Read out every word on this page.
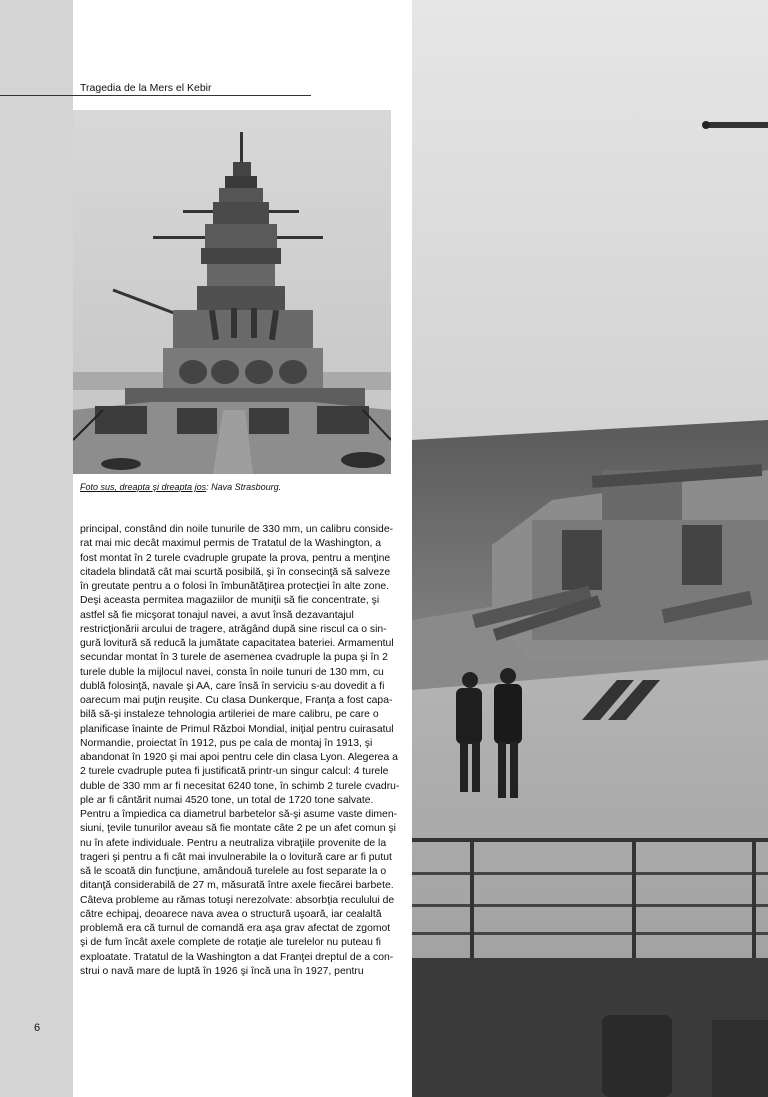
6
Tragedia de la Mers el Kebir
Foto sus, dreapta şi dreapta jos: Nava Strasbourg.
principal, constând din noile tunurile de 330 mm, un calibru conside-
rat mai mic decât maximul permis de Tratatul de la Washington, a
fost montat în 2 turele cvadruple grupate la prova, pentru a menţine
citadela blindată cât mai scurtă posibilă, şi în consecinţă să salveze
în greutate pentru a o folosi în îmbunătăţirea protecţiei în alte zone.
Deşi aceasta permitea magaziilor de muniţii să fie concentrate, şi
astfel să fie micşorat tonajul navei, a avut însă dezavantajul
restricţionării arcului de tragere, atrăgând după sine riscul ca o sin-
gură lovitură să reducă la jumătate capacitatea bateriei. Armamentul
secundar montat în 3 turele de asemenea cvadruple la pupa şi în 2
turele duble la mijlocul navei, consta în noile tunuri de 130 mm, cu
dublă folosinţă, navale şi AA, care însă în serviciu s-au dovedit a fi
oarecum mai puţin reuşite. Cu clasa Dunkerque, Franţa a fost capa-
bilă să-şi instaleze tehnologia artileriei de mare calibru, pe care o
planificase înainte de Primul Război Mondial, iniţial pentru cuirasatul
Normandie, proiectat în 1912, pus pe cala de montaj în 1913, şi
abandonat în 1920 şi mai apoi pentru cele din clasa Lyon. Alegerea a
2 turele cvadruple putea fi justificată printr-un singur calcul: 4 turele
duble de 330 mm ar fi necesitat 6240 tone, în schimb 2 turele cvadru-
ple ar fi cântărit numai 4520 tone, un total de 1720 tone salvate.
Pentru a împiedica ca diametrul barbetelor să-şi asume vaste dimen-
siuni, ţevile tunurilor aveau să fie montate câte 2 pe un afet comun şi
nu în afete individuale. Pentru a neutraliza vibraţiile provenite de la
trageri şi pentru a fi cât mai invulnerabile la o lovitură care ar fi putut
să le scoată din funcţiune, amândouă turelele au fost separate la o
ditanţă considerabilă de 27 m, măsurată între axele fiecărei barbete.
Câteva probleme au rămas totuşi nerezolvate: absorbţia reculului de
către echipaj, deoarece nava avea o structură uşoară, iar cealaltă
problemă era că turnul de comandă era aşa grav afectat de zgomot
şi de fum încât axele complete de rotaţie ale turelelor nu puteau fi
exploatate. Tratatul de la Washington a dat Franţei dreptul de a con-
strui o navă mare de luptă în 1926 şi încă una în 1927, pentru
